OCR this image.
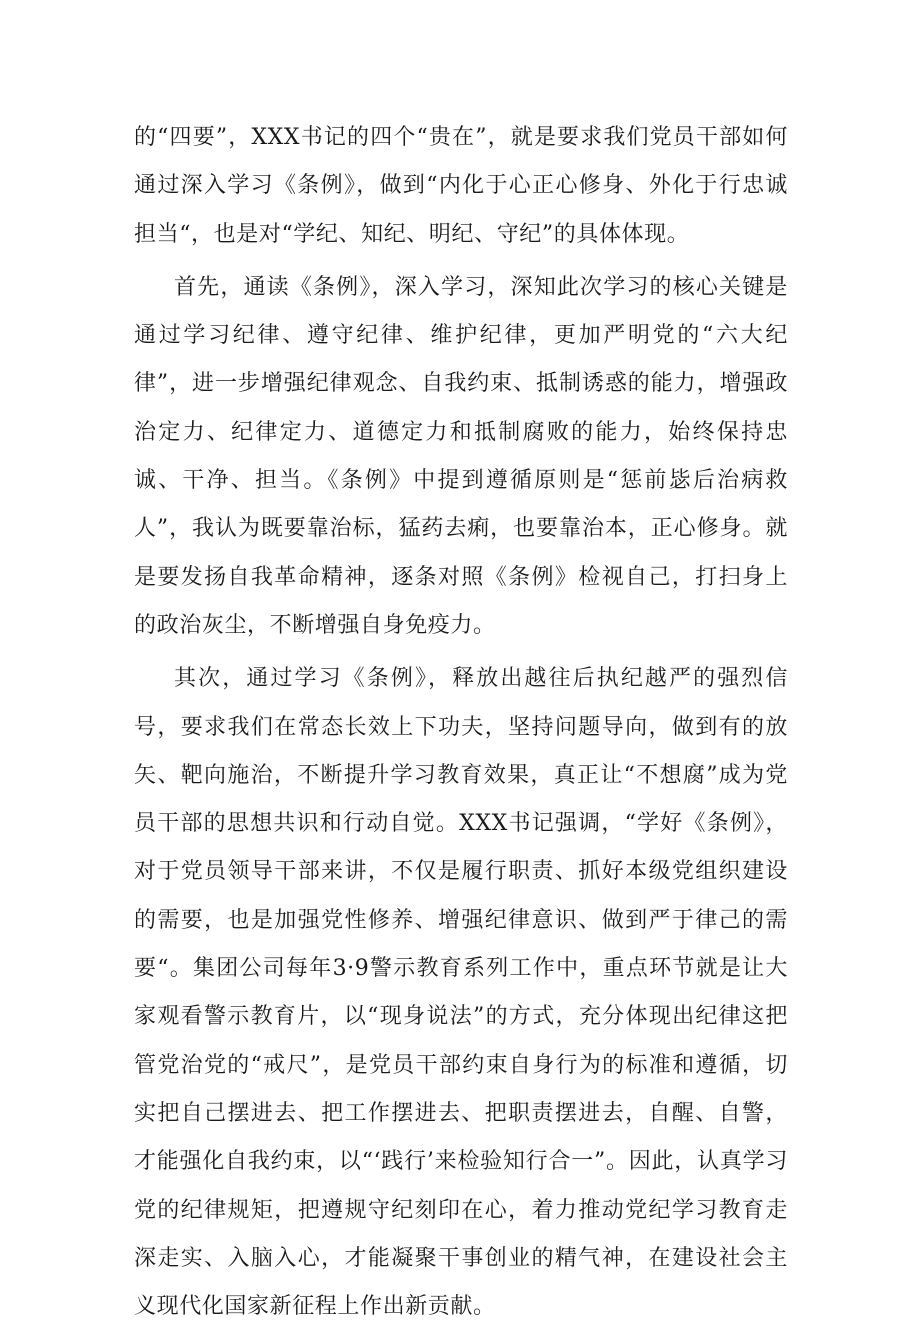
的“四要”，XXX书记的四个“贵在”，就是要求我们党员干部如何通过深入学习《条例》，做到“内化于心正心修身、外化于行忠诚担当“，也是对“学纪、知纪、明纪、守纪”的具体体现。

首先，通读《条例》，深入学习，深知此次学习的核心关键是通过学习纪律、遵守纪律、维护纪律，更加严明党的“六大纪律”，进一步增强纪律观念、自我约束、抵制诱惑的能力，增强政治定力、纪律定力、道德定力和抵制腐败的能力，始终保持忠诚、干净、担当。《条例》中提到遵循原则是“惩前毖后治病救人”，我认为既要靠治标，猛药去痢，也要靠治本，正心修身。就是要发扬自我革命精神，逐条对照《条例》检视自己，打扫身上的政治灰尘，不断增强自身免疫力。

其次，通过学习《条例》，释放出越往后执纪越严的强烈信号，要求我们在常态长效上下功夫，坚持问题导向，做到有的放矢、靶向施治，不断提升学习教育效果，真正让“不想腐”成为党员干部的思想共识和行动自觉。XXX书记强调，“学好《条例》，对于党员领导干部来讲，不仅是履行职责、抓好本级党组织建设的需要，也是加强党性修养、增强纪律意识、做到严于律己的需要“。集团公司每年3·9警示教育系列工作中，重点环节就是让大家观看警示教育片，以“现身说法”的方式，充分体现出纪律这把管党治党的“戒尺”，是党员干部约束自身行为的标准和遵循，切实把自己摆进去、把工作摆进去、把职责摆进去，自醒、自警，才能强化自我约束，以“‘践行’来检验知行合一”。因此，认真学习党的纪律规矩，把遵规守纪刻印在心，着力推动党纪学习教育走深走实、入脑入心，才能凝聚干事创业的精气神，在建设社会主义现代化国家新征程上作出新贡献。
